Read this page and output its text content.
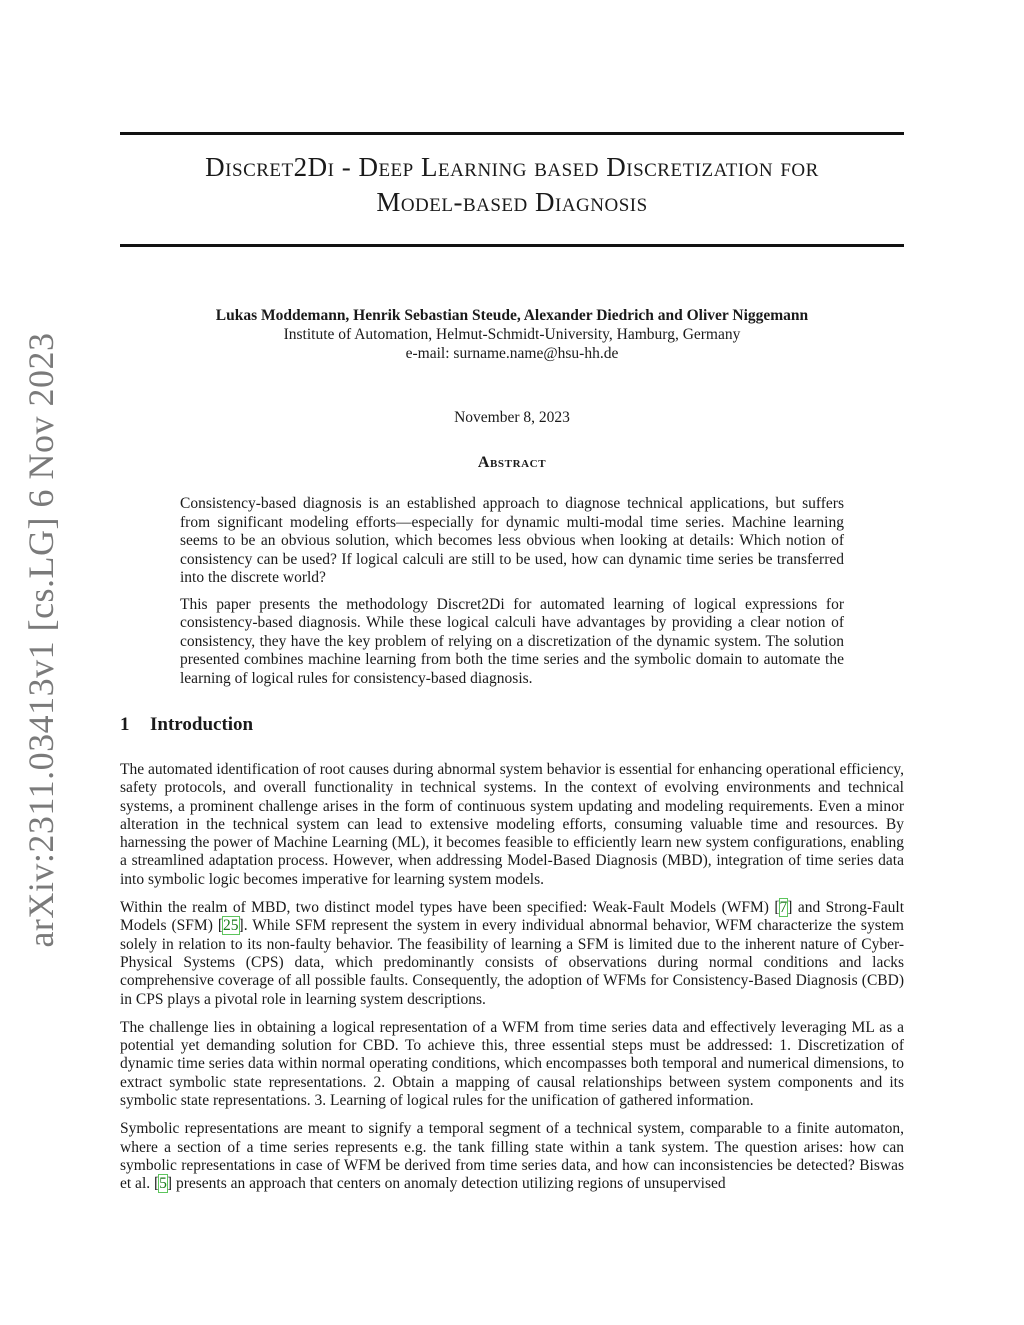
Discret2Di - Deep Learning based Discretization for
Model-based Diagnosis
Lukas Moddemann, Henrik Sebastian Steude, Alexander Diedrich and Oliver Niggemann
Institute of Automation, Helmut-Schmidt-University, Hamburg, Germany
e-mail: surname.name@hsu-hh.de
November 8, 2023
Abstract

Consistency-based diagnosis is an established approach to diagnose technical applications, but suffers from significant modeling efforts—especially for dynamic multi-modal time series. Machine learning seems to be an obvious solution, which becomes less obvious when looking at details: Which notion of consistency can be used? If logical calculi are still to be used, how can dynamic time series be transferred into the discrete world?

This paper presents the methodology Discret2Di for automated learning of logical expressions for consistency-based diagnosis. While these logical calculi have advantages by providing a clear notion of consistency, they have the key problem of relying on a discretization of the dynamic system. The solution presented combines machine learning from both the time series and the symbolic domain to automate the learning of logical rules for consistency-based diagnosis.

1 Introduction

The automated identification of root causes during abnormal system behavior is essential for enhancing operational efficiency, safety protocols, and overall functionality in technical systems. In the context of evolving environments and technical systems, a prominent challenge arises in the form of continuous system updating and modeling requirements. Even a minor alteration in the technical system can lead to extensive modeling efforts, consuming valuable time and resources. By harnessing the power of Machine Learning (ML), it becomes feasible to efficiently learn new system configurations, enabling a streamlined adaptation process. However, when addressing Model-Based Diagnosis (MBD), integration of time series data into symbolic logic becomes imperative for learning system models.

Within the realm of MBD, two distinct model types have been specified: Weak-Fault Models (WFM) [7] and Strong-Fault Models (SFM) [25]. While SFM represent the system in every individual abnormal behavior, WFM characterize the system solely in relation to its non-faulty behavior. The feasibility of learning a SFM is limited due to the inherent nature of Cyber-Physical Systems (CPS) data, which predominantly consists of observations during normal conditions and lacks comprehensive coverage of all possible faults. Consequently, the adoption of WFMs for Consistency-Based Diagnosis (CBD) in CPS plays a pivotal role in learning system descriptions.

The challenge lies in obtaining a logical representation of a WFM from time series data and effectively leveraging ML as a potential yet demanding solution for CBD. To achieve this, three essential steps must be addressed: 1. Discretization of dynamic time series data within normal operating conditions, which encompasses both temporal and numerical dimensions, to extract symbolic state representations. 2. Obtain a mapping of causal relationships between system components and its symbolic state representations. 3. Learning of logical rules for the unification of gathered information.

Symbolic representations are meant to signify a temporal segment of a technical system, comparable to a finite automaton, where a section of a time series represents e.g. the tank filling state within a tank system. The question arises: how can symbolic representations in case of WFM be derived from time series data, and how can inconsistencies be detected? Biswas et al. [5] presents an approach that centers on anomaly detection utilizing regions of unsupervised

arXiv:2311.03413v1 [cs.LG] 6 Nov 2023
